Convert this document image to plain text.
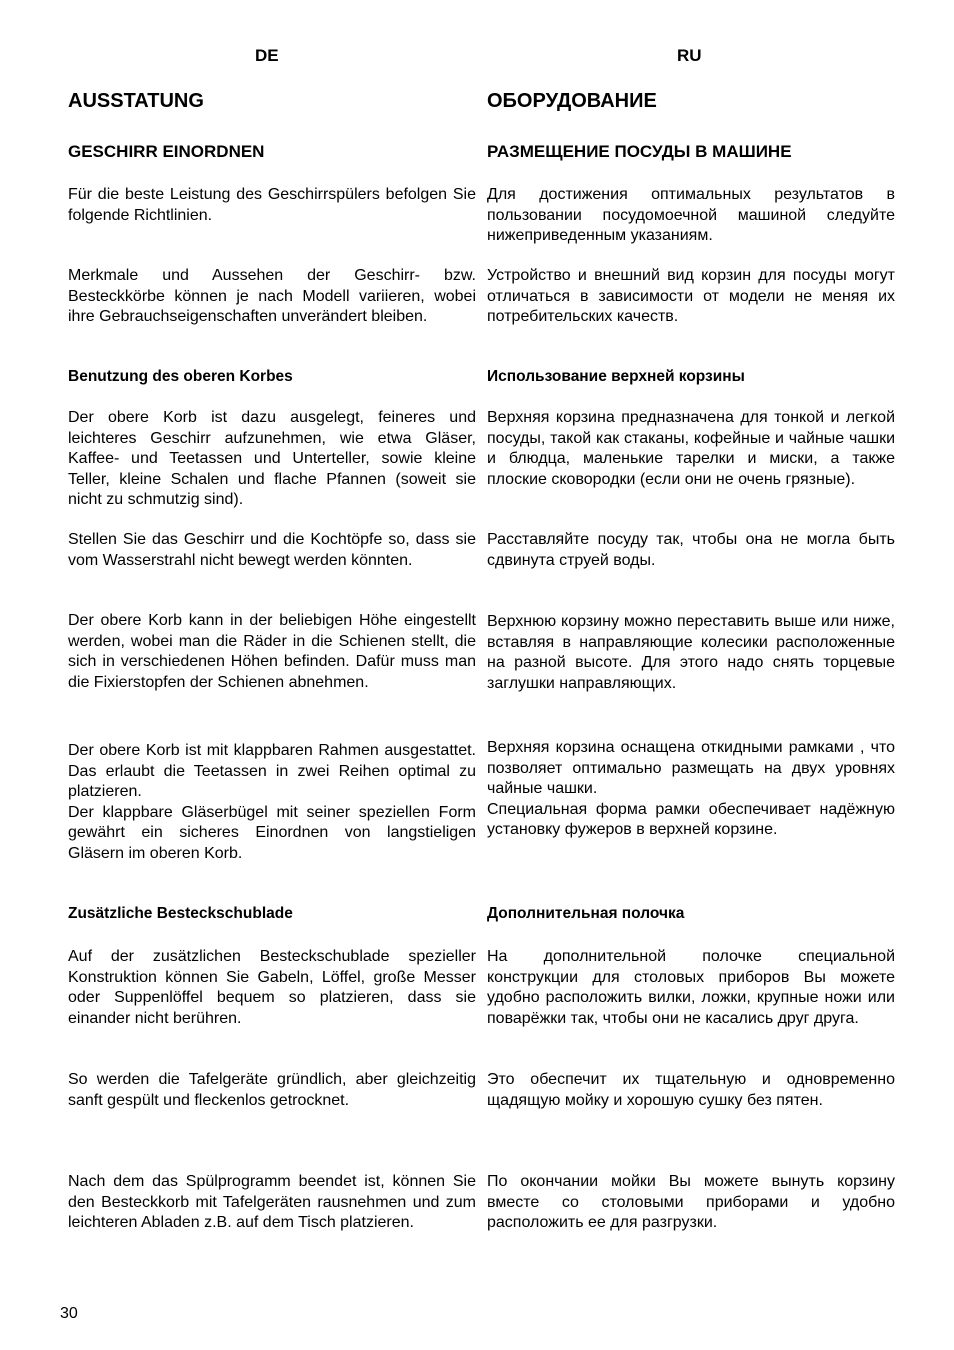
DE	RU
AUSSTATUNG
GESCHIRR EINORDNEN
Für die beste Leistung des Geschirrspülers befolgen Sie folgende Richtlinien.
Merkmale und Aussehen der Geschirr- bzw. Besteckkörbe können je nach Modell variieren, wobei ihre Gebrauchseigenschaften unverändert bleiben.
Benutzung des oberen Korbes
Der obere Korb ist dazu ausgelegt, feineres und leichteres Geschirr aufzunehmen, wie etwa Gläser, Kaffee- und Teetassen und Unterteller, sowie kleine Teller, kleine Schalen und flache Pfannen (soweit sie nicht zu schmutzig sind).
Stellen Sie das Geschirr und die Kochtöpfe so, dass sie vom Wasserstrahl nicht bewegt werden könnten.
Der obere Korb kann in der beliebigen Höhe eingestellt werden, wobei man die Räder in die Schienen stellt, die sich in verschiedenen Höhen befinden. Dafür muss man die Fixierstopfen der Schienen abnehmen.
Der obere Korb ist mit klappbaren Rahmen ausgestattet. Das erlaubt die Teetassen in zwei Reihen optimal zu platzieren.
Der klappbare Gläserbügel mit seiner speziellen Form gewährt ein sicheres Einordnen von langstieligen Gläsern im oberen Korb.
Zusätzliche Besteckschublade
Auf der zusätzlichen Besteckschublade spezieller Konstruktion können Sie Gabeln, Löffel, große Messer oder Suppenlöffel bequem so platzieren, dass sie einander nicht berühren.
So werden die Tafelgeräte gründlich, aber gleichzeitig sanft gespült und fleckenlos getrocknet.
Nach dem das Spülprogramm beendet ist, können Sie den Besteckkorb mit Tafelgeräten rausnehmen und zum leichteren Abladen z.B. auf dem Tisch platzieren.
ОБОРУДОВАНИЕ
РАЗМЕЩЕНИЕ ПОСУДЫ В МАШИНЕ
Для достижения оптимальных результатов в пользовании посудомоечной машиной следуйте нижеприведенным указаниям.
Устройство и внешний вид корзин для посуды могут отличаться в зависимости от модели не меняя их потребительских качеств.
Использование верхней корзины
Верхняя корзина предназначена для тонкой и легкой посуды, такой как стаканы, кофейные и чайные чашки и блюдца, маленькие тарелки и миски, а также плоские сковородки (если они не очень грязные).
Расставляйте посуду так, чтобы она не могла быть сдвинута струей воды.
Верхнюю корзину можно переставить выше или ниже, вставляя в направляющие колесики расположенные на разной высоте. Для этого надо снять торцевые заглушки направляющих.
Верхняя корзина оснащена откидными рамками , что позволяет оптимально размещать на двух уровнях чайные чашки.
Специальная форма рамки обеспечивает надёжную установку фужеров в верхней корзине.
Дополнительная полочка
На дополнительной полочке специальной конструкции для столовых приборов Вы можете удобно расположить вилки, ложки, крупные ножи или поварёжки так, чтобы они не касались друг друга.
Это обеспечит их тщательную и одновременно щадящую мойку и хорошую сушку без пятен.
По окончании мойки Вы можете вынуть корзину вместе со столовыми приборами и удобно расположить ее для разгрузки.
30
